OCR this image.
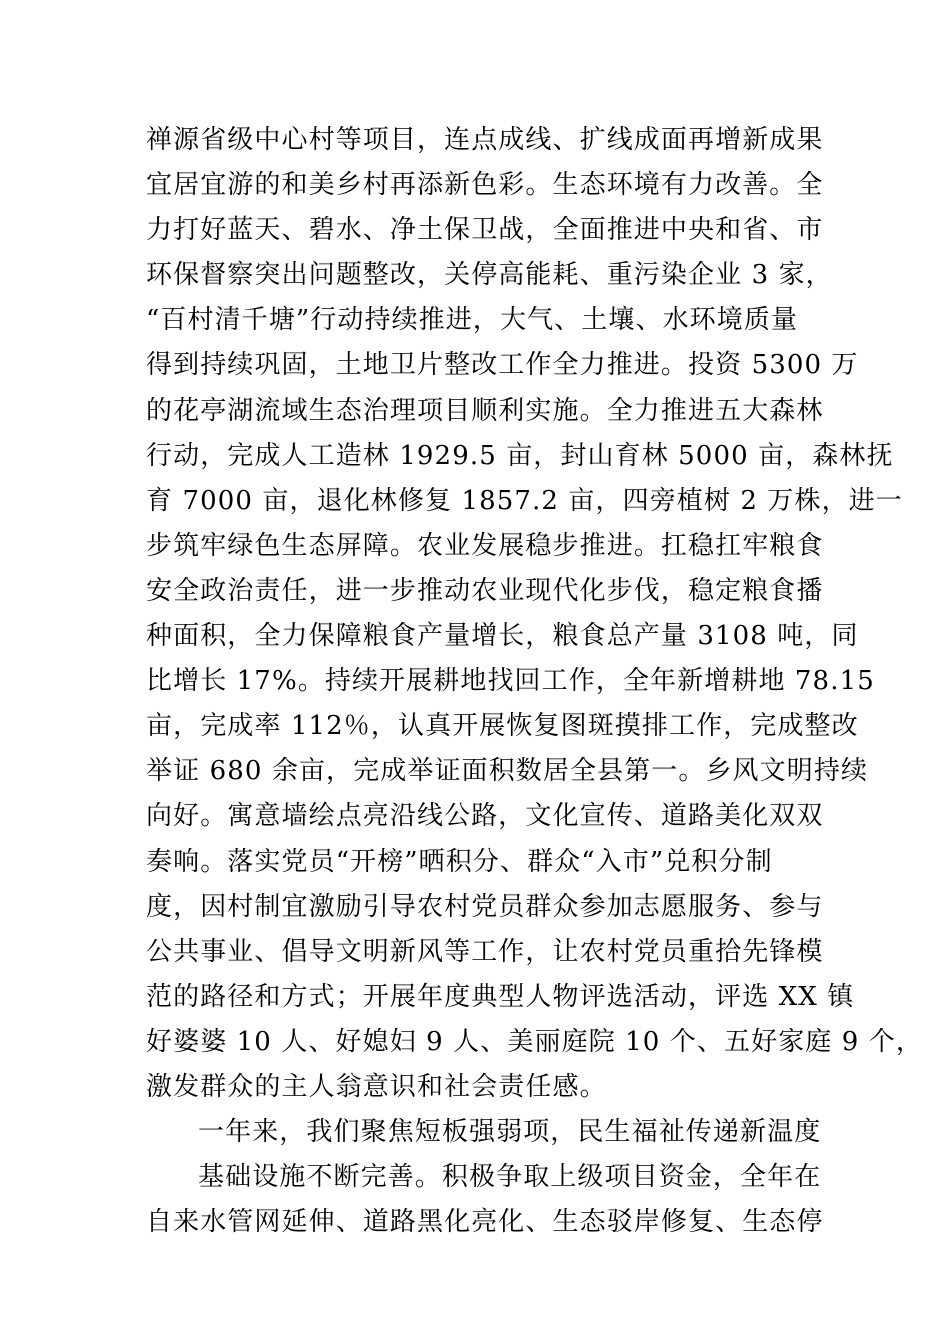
禅源省级中心村等项目，连点成线、扩线成面再增新成果
宜居宜游的和美乡村再添新色彩。生态环境有力改善。全
力打好蓝天、碧水、净土保卫战，全面推进中央和省、市
环保督察突出问题整改，关停高能耗、重污染企业 3 家，
“百村清千塘”行动持续推进，大气、土壤、水环境质量
得到持续巩固，土地卫片整改工作全力推进。投资 5300 万
的花亭湖流域生态治理项目顺利实施。全力推进五大森林
行动，完成人工造林 1929.5 亩，封山育林 5000 亩，森林抚
育 7000 亩，退化林修复 1857.2 亩，四旁植树 2 万株，进一
步筑牢绿色生态屏障。农业发展稳步推进。扛稳扛牢粮食
安全政治责任，进一步推动农业现代化步伐，稳定粮食播
种面积，全力保障粮食产量增长，粮食总产量 3108 吨，同
比增长 17%。持续开展耕地找回工作，全年新增耕地 78.15
亩，完成率 112％，认真开展恢复图斑摸排工作，完成整改
举证 680 余亩，完成举证面积数居全县第一。乡风文明持续
向好。寓意墙绘点亮沿线公路，文化宣传、道路美化双双
奏响。落实党员“开榜”晒积分、群众“入市”兑积分制
度，因村制宜激励引导农村党员群众参加志愿服务、参与
公共事业、倡导文明新风等工作，让农村党员重拾先锋模
范的路径和方式；开展年度典型人物评选活动，评选 XX 镇
好婆婆 10 人、好媳妇 9 人、美丽庭院 10 个、五好家庭 9 个，
激发群众的主人翁意识和社会责任感。
一年来，我们聚焦短板强弱项，民生福祉传递新温度
基础设施不断完善。积极争取上级项目资金，全年在
自来水管网延伸、道路黑化亮化、生态驳岸修复、生态停
